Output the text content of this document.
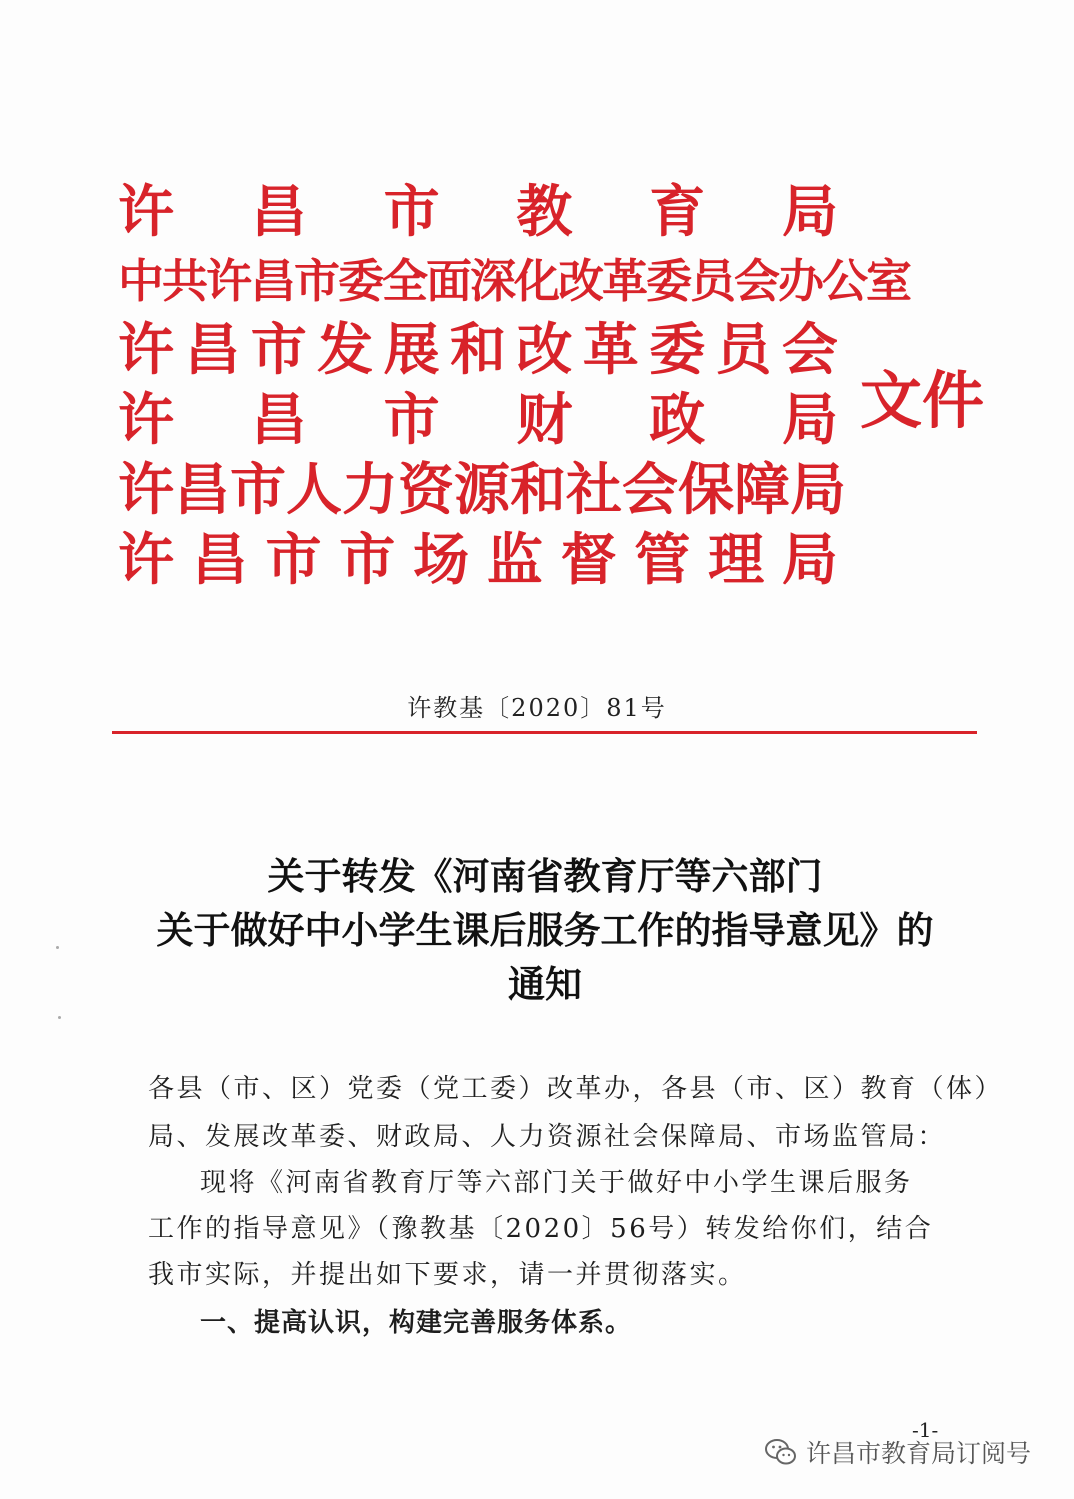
许 昌 市 教 育 局
中 共 许 昌 市 委 全 面 深 化 改 革 委 员 会 办 公 室
许 昌 市 发 展 和 改 革 委 员 会
许 昌 市 财 政 局
许 昌 市 人 力 资 源 和 社 会 保 障 局
许 昌 市 市 场 监 督 管 理 局
文件
许教基〔2020〕81号
关于转发《河南省教育厅等六部门
关于做好中小学生课后服务工作的指导意见》的
通知
各县（市、区）党委（党工委）改革办，各县（市、区）教育（体）
局、发展改革委、财政局、人力资源社会保障局、市场监管局：
现将《河南省教育厅等六部门关于做好中小学生课后服务
工作的指导意见》（豫教基〔2020〕56号）转发给你们，结合
我市实际，并提出如下要求，请一并贯彻落实。
一、提高认识，构建完善服务体系。
-1-
许昌市教育局订阅号
